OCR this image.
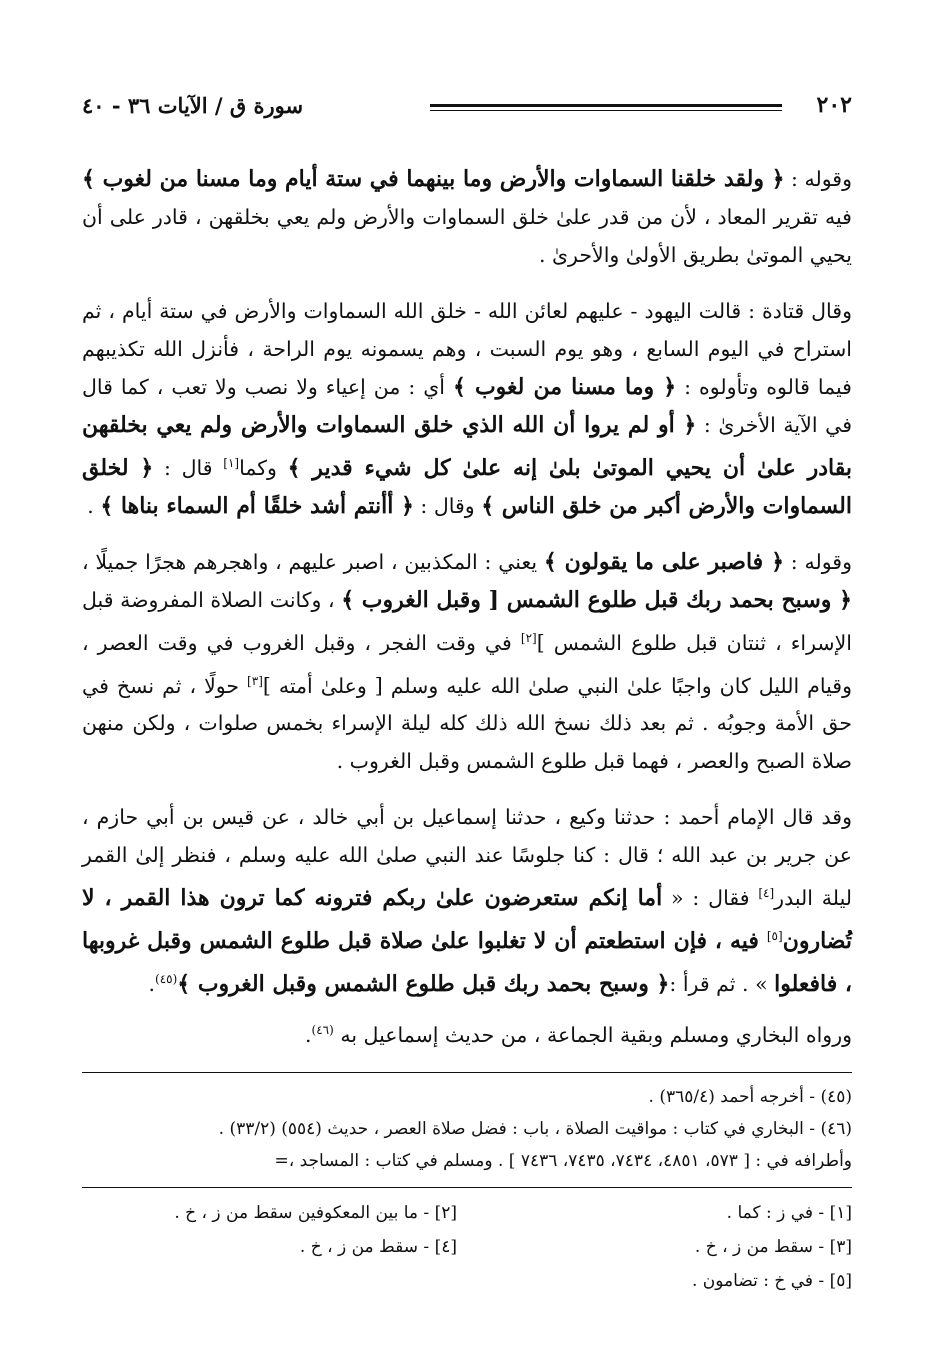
٢٠٢
سورة ق / الآيات ٣٦ - ٤٠

وقوله : ﴿ ولقد خلقنا السماوات والأرض وما بينهما في ستة أيام وما مسنا من لغوب ﴾ فيه تقرير المعاد ، لأن من قدر علىٰ خلق السماوات والأرض ولم يعي بخلقهن ، قادر على أن يحيي الموتىٰ بطريق الأولىٰ والأحرىٰ .

وقال قتادة : قالت اليهود - عليهم لعائن الله - خلق الله السماوات والأرض في ستة أيام ، ثم استراح في اليوم السابع ، وهو يوم السبت ، وهم يسمونه يوم الراحة ، فأنزل الله تكذيبهم فيما قالوه وتأولوه : ﴿ وما مسنا من لغوب ﴾ أي : من إعياء ولا نصب ولا تعب ، كما قال في الآية الأخرىٰ : ﴿ أو لم يروا أن الله الذي خلق السماوات والأرض ولم يعي بخلقهن بقادر علىٰ أن يحيي الموتىٰ بلىٰ إنه علىٰ كل شيء قدير ﴾ وكما[١] قال : ﴿ لخلق السماوات والأرض أكبر من خلق الناس ﴾ وقال : ﴿ أأنتم أشد خلقًا أم السماء بناها ﴾ .

وقوله : ﴿ فاصبر على ما يقولون ﴾ يعني : المكذبين ، اصبر عليهم ، واهجرهم هجرًا جميلًا ، ﴿ وسبح بحمد ربك قبل طلوع الشمس [ وقبل الغروب ﴾ ، وكانت الصلاة المفروضة قبل الإسراء ، ثنتان قبل طلوع الشمس ][٢] في وقت الفجر ، وقبل الغروب في وقت العصر ، وقيام الليل كان واجبًا علىٰ النبي صلىٰ الله عليه وسلم [ وعلىٰ أمته ][٣] حولًا ، ثم نسخ في حق الأمة وجوبُه . ثم بعد ذلك نسخ الله ذلك كله ليلة الإسراء بخمس صلوات ، ولكن منهن صلاة الصبح والعصر ، فهما قبل طلوع الشمس وقبل الغروب .

وقد قال الإمام أحمد : حدثنا وكيع ، حدثنا إسماعيل بن أبي خالد ، عن قيس بن أبي حازم ، عن جرير بن عبد الله ؛ قال : كنا جلوسًا عند النبي صلىٰ الله عليه وسلم ، فنظر إلىٰ القمر ليلة البدر[٤] فقال : « أما إنكم ستعرضون علىٰ ربكم فترونه كما ترون هذا القمر ، لا تُضارون[٥] فيه ، فإن استطعتم أن لا تغلبوا علىٰ صلاة قبل طلوع الشمس وقبل غروبها ، فافعلوا » . ثم قرأ :﴿ وسبح بحمد ربك قبل طلوع الشمس وقبل الغروب ﴾$^{(٤٥)}$.

ورواه البخاري ومسلم وبقية الجماعة ، من حديث إسماعيل به $^{(٤٦)}$.

(٤٥) - أخرجه أحمد (٣٦٥/٤) .

(٤٦) - البخاري في كتاب : مواقيت الصلاة ، باب : فضل صلاة العصر ، حديث (٥٥٤) (٣٣/٢) .

وأطرافه في : [ ٥٧٣، ٤٨٥١، ٧٤٣٤، ٧٤٣٥، ٧٤٣٦ ] . ومسلم في كتاب : المساجد ،=

[١] - في ز : كما .

[٢] - ما بين المعكوفين سقط من ز ، خ .

[٣] - سقط من ز ، خ .

[٤] - سقط من ز ، خ .

[٥] - في خ : تضامون .
